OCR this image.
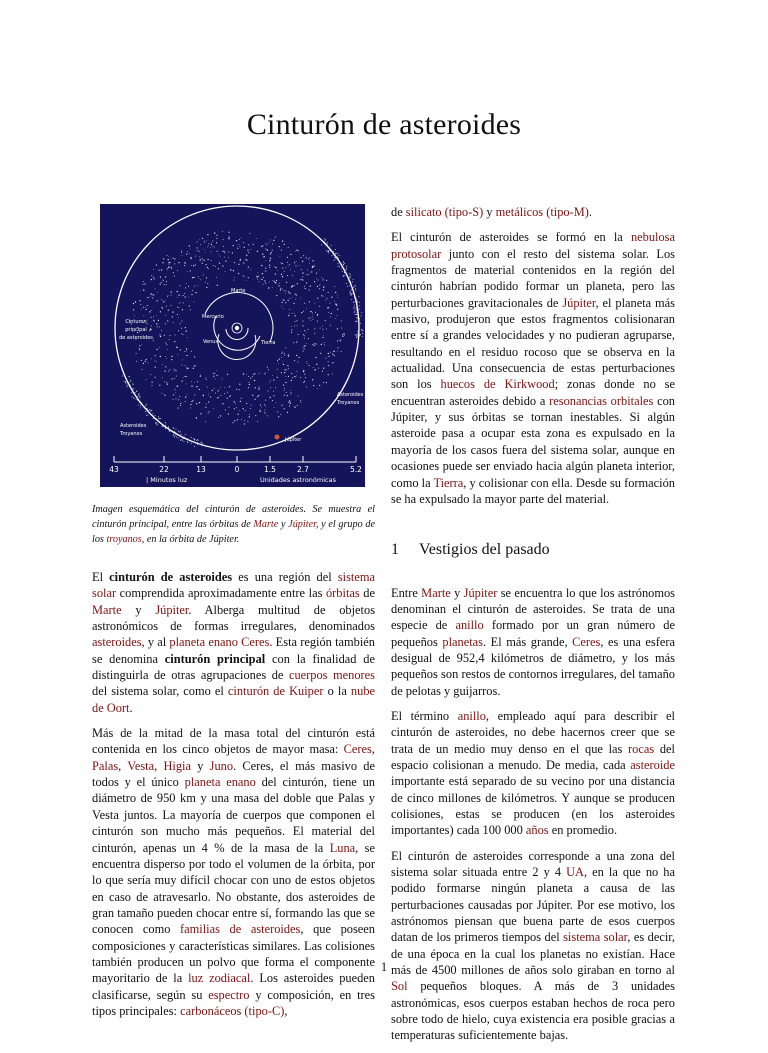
Cinturón de asteroides
Marte
Mercurio
Venus	Tierra
Júpiter
Cinturon
principal
de asteroides
Asteroides
Troyanos
Asteroides
Troyanos
43	22	13	0	1.5	2.7	5.2
| Minutos luz	Unidades astronómicas

Imagen esquemática del cinturón de asteroides. Se muestra el cinturón principal, entre las órbitas de Marte y Júpiter, y el grupo de los troyanos, en la órbita de Júpiter.

El cinturón de asteroides es una región del sistema solar comprendida aproximadamente entre las órbitas de Marte y Júpiter. Alberga multitud de objetos astronómicos de formas irregulares, denominados asteroides, y al planeta enano Ceres. Esta región también se denomina cinturón principal con la finalidad de distinguirla de otras agrupaciones de cuerpos menores del sistema solar, como el cinturón de Kuiper o la nube de Oort.

Más de la mitad de la masa total del cinturón está contenida en los cinco objetos de mayor masa: Ceres, Palas, Vesta, Higia y Juno. Ceres, el más masivo de todos y el único planeta enano del cinturón, tiene un diámetro de 950 km y una masa del doble que Palas y Vesta juntos. La mayoría de cuerpos que componen el cinturón son mucho más pequeños. El material del cinturón, apenas un 4 % de la masa de la Luna, se encuentra disperso por todo el volumen de la órbita, por lo que sería muy difícil chocar con uno de estos objetos en caso de atravesarlo. No obstante, dos asteroides de gran tamaño pueden chocar entre sí, formando las que se conocen como familias de asteroides, que poseen composiciones y características similares. Las colisiones también producen un polvo que forma el componente mayoritario de la luz zodiacal. Los asteroides pueden clasificarse, según su espectro y composición, en tres tipos principales: carbonáceos (tipo-C),

de silicato (tipo-S) y metálicos (tipo-M).

El cinturón de asteroides se formó en la nebulosa protosolar junto con el resto del sistema solar. Los fragmentos de material contenidos en la región del cinturón habrían podido formar un planeta, pero las perturbaciones gravitacionales de Júpiter, el planeta más masivo, produjeron que estos fragmentos colisionaran entre sí a grandes velocidades y no pudieran agruparse, resultando en el residuo rocoso que se observa en la actualidad. Una consecuencia de estas perturbaciones son los huecos de Kirkwood; zonas donde no se encuentran asteroides debido a resonancias orbitales con Júpiter, y sus órbitas se tornan inestables. Si algún asteroide pasa a ocupar esta zona es expulsado en la mayoría de los casos fuera del sistema solar, aunque en ocasiones puede ser enviado hacia algún planeta interior, como la Tierra, y colisionar con ella. Desde su formación se ha expulsado la mayor parte del material.

1	Vestigios del pasado

Entre Marte y Júpiter se encuentra lo que los astrónomos denominan el cinturón de asteroides. Se trata de una especie de anillo formado por un gran número de pequeños planetas. El más grande, Ceres, es una esfera desigual de 952,4 kilómetros de diámetro, y los más pequeños son restos de contornos irregulares, del tamaño de pelotas y guijarros.

El término anillo, empleado aquí para describir el cinturón de asteroides, no debe hacernos creer que se trata de un medio muy denso en el que las rocas del espacio colisionan a menudo. De media, cada asteroide importante está separado de su vecino por una distancia de cinco millones de kilómetros. Y aunque se producen colisiones, estas se producen (en los asteroides importantes) cada 100 000 años en promedio.

El cinturón de asteroides corresponde a una zona del sistema solar situada entre 2 y 4 UA, en la que no ha podido formarse ningún planeta a causa de las perturbaciones causadas por Júpiter. Por ese motivo, los astrónomos piensan que buena parte de esos cuerpos datan de los primeros tiempos del sistema solar, es decir, de una época en la cual los planetas no existían. Hace más de 4500 millones de años solo giraban en torno al Sol pequeños bloques. A más de 3 unidades astronómicas, esos cuerpos estaban hechos de roca pero sobre todo de hielo, cuya existencia era posible gracias a temperaturas suficientemente bajas.

1
